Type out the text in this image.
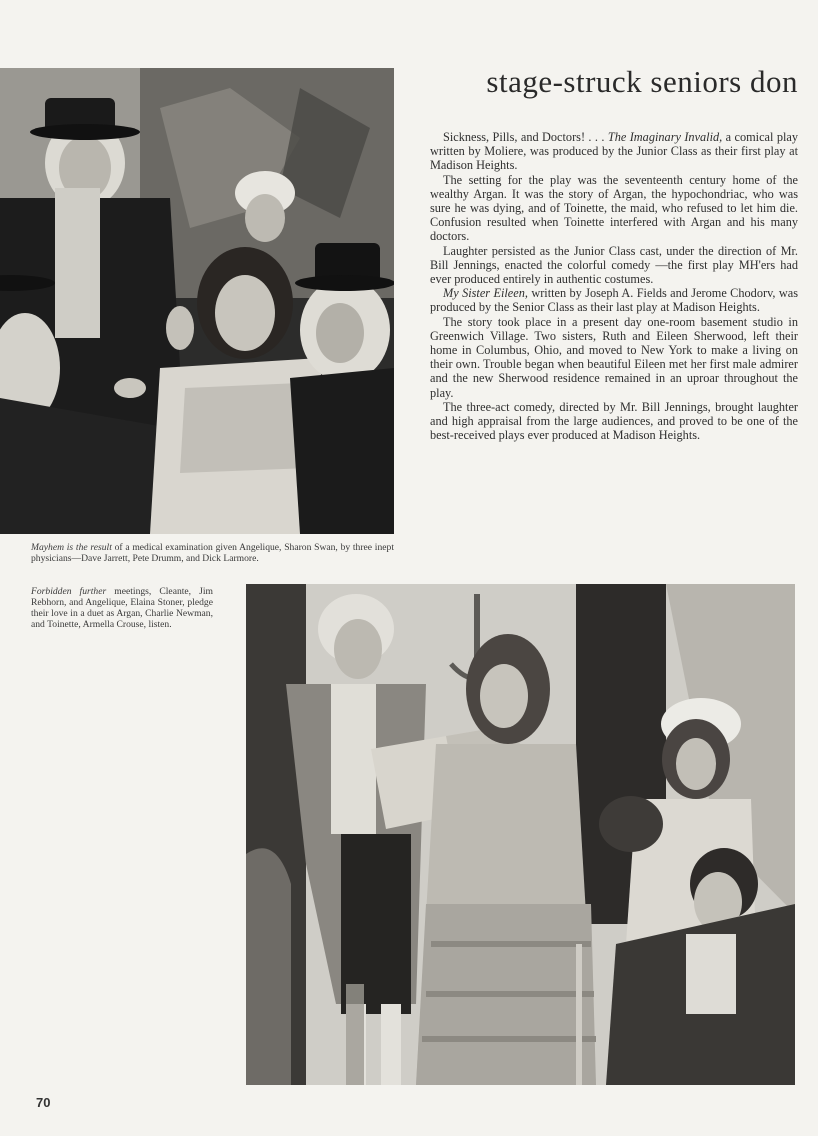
stage-struck seniors don

Sickness, Pills, and Doctors! . . . The Imaginary Invalid, a comical play written by Moliere, was produced by the Junior Class as their first play at Madison Heights.

The setting for the play was the seventeenth century home of the wealthy Argan. It was the story of Argan, the hypochondriac, who was sure he was dying, and of Toinette, the maid, who refused to let him die. Confusion resulted when Toinette interfered with Argan and his many doctors.

Laughter persisted as the Junior Class cast, under the direction of Mr. Bill Jennings, enacted the colorful comedy —the first play MH'ers had ever produced entirely in authentic costumes.

My Sister Eileen, written by Joseph A. Fields and Jerome Chodorv, was produced by the Senior Class as their last play at Madison Heights.

The story took place in a present day one-room basement studio in Greenwich Village. Two sisters, Ruth and Eileen Sherwood, left their home in Columbus, Ohio, and moved to New York to make a living on their own. Trouble began when beautiful Eileen met her first male admirer and the new Sherwood residence remained in an uproar throughout the play.

The three-act comedy, directed by Mr. Bill Jennings, brought laughter and high appraisal from the large audiences, and proved to be one of the best-received plays ever produced at Madison Heights.

Mayhem is the result of a medical examination given Angelique, Sharon Swan, by three inept physicians—Dave Jarrett, Pete Drumm, and Dick Larmore.

Forbidden further meetings, Cleante, Jim Rebhorn, and Angelique, Elaina Stoner, pledge their love in a duet as Argan, Charlie Newman, and Toinette, Armella Crouse, listen.

70
